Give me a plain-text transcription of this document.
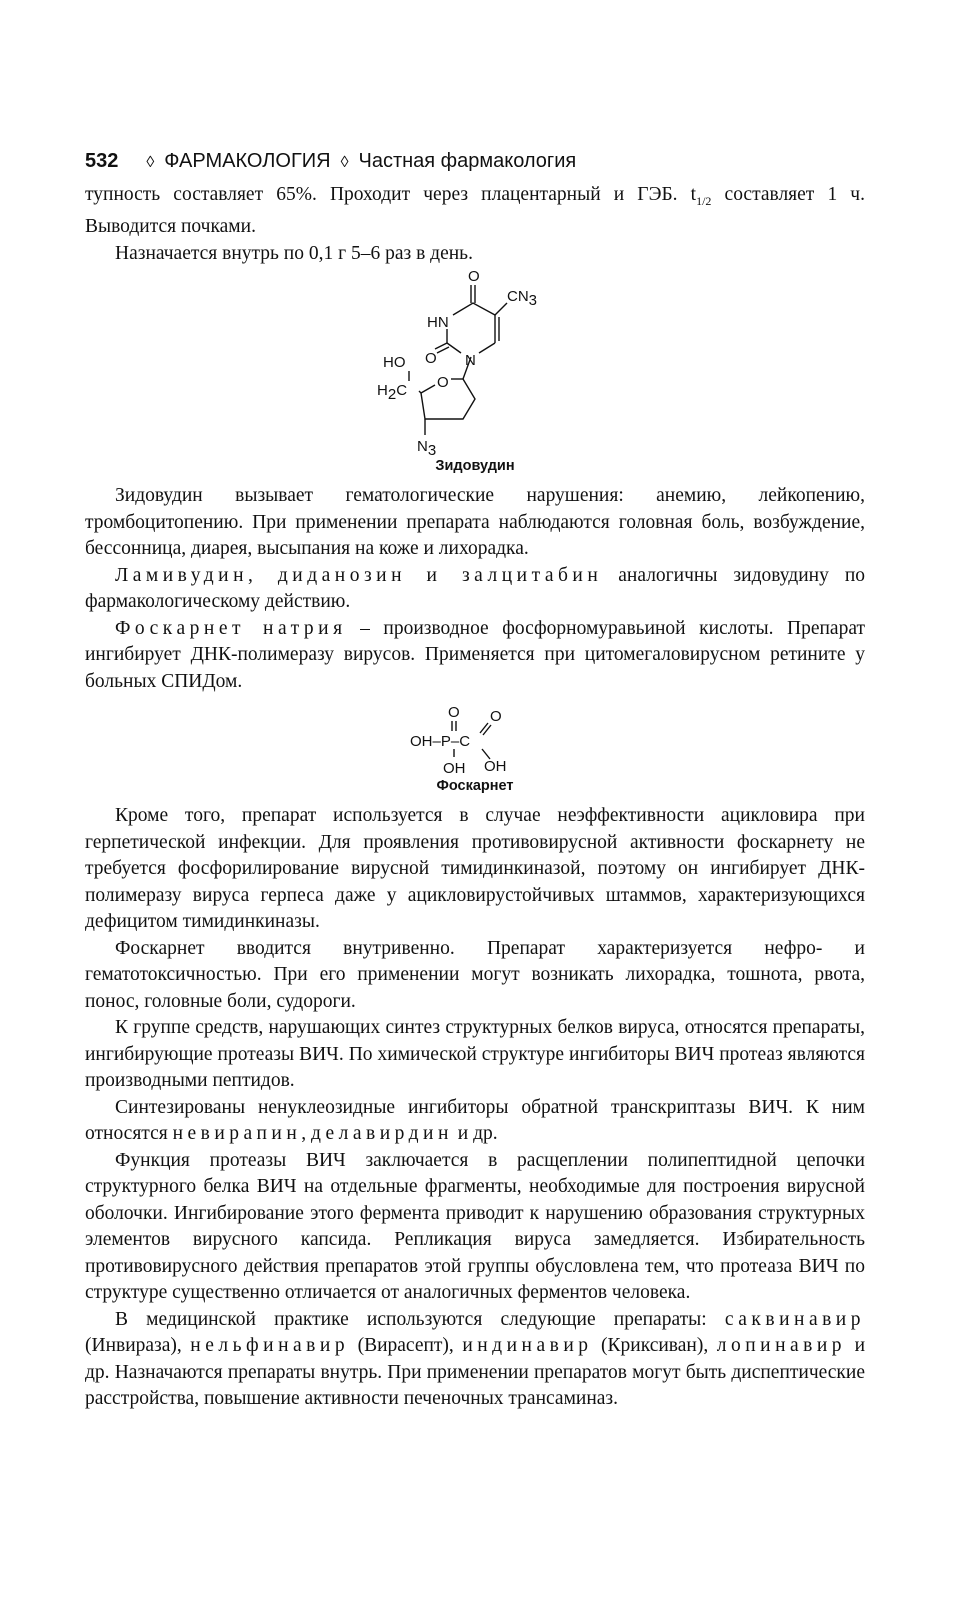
532 ◊ ФАРМАКОЛОГИЯ ◊ Частная фармакология

тупность составляет 65%. Проходит через плацентарный и ГЭБ. $t_{1/2}$ составляет 1 ч. Выводится почками.

Назначается внутрь по 0,1 г 5–6 раз в день.

O
HN
CN3
O N
HO
H2C O
N3
Зидовудин

Зидовудин вызывает гематологические нарушения: анемию, лейкопению, тромбоцитопению. При применении препарата наблюдаются головная боль, возбуждение, бессонница, диарея, высыпания на коже и лихорадка.

Ламивудин, диданозин и залцитабин аналогичны зидовудину по фармакологическому действию.

Фоскарнет натрия – производное фосфорномуравьиной кислоты. Препарат ингибирует ДНК-полимеразу вирусов. Применяется при цитомегаловирусном ретините у больных СПИДом.

O O
OH–P–C
OH OH
Фоскарнет

Кроме того, препарат используется в случае неэффективности ацикловира при герпетической инфекции. Для проявления противовирусной активности фоскарнету не требуется фосфорилирование вирусной тимидинкиназой, поэтому он ингибирует ДНК-полимеразу вируса герпеса даже у ацикловирустойчивых штаммов, характеризующихся дефицитом тимидинкиназы.

Фоскарнет вводится внутривенно. Препарат характеризуется нефро- и гематотоксичностью. При его применении могут возникать лихорадка, тошнота, рвота, понос, головные боли, судороги.

К группе средств, нарушающих синтез структурных белков вируса, относятся препараты, ингибирующие протеазы ВИЧ. По химической структуре ингибиторы ВИЧ протеаз являются производными пептидов.

Синтезированы ненуклеозидные ингибиторы обратной транскриптазы ВИЧ. К ним относятся невирапин, делавирдин и др.

Функция протеазы ВИЧ заключается в расщеплении полипептидной цепочки структурного белка ВИЧ на отдельные фрагменты, необходимые для построения вирусной оболочки. Ингибирование этого фермента приводит к нарушению образования структурных элементов вирусного капсида. Репликация вируса замедляется. Избирательность противовирусного действия препаратов этой группы обусловлена тем, что протеаза ВИЧ по структуре существенно отличается от аналогичных ферментов человека.

В медицинской практике используются следующие препараты: саквинавир (Инвираза), нельфинавир (Вирасепт), индинавир (Криксиван), лопинавир и др. Назначаются препараты внутрь. При применении препаратов могут быть диспептические расстройства, повышение активности печеночных трансаминаз.
